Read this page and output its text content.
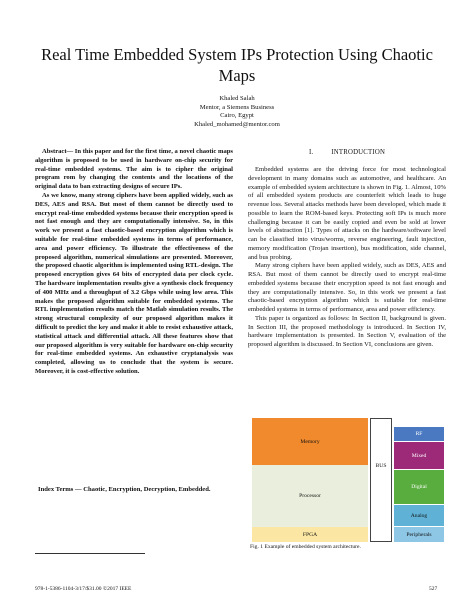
Real Time Embedded System IPs Protection Using Chaotic Maps
Khaled Salah
Mentor, a Siemens Business
Cairo, Egypt
Khaled_mohamed@mentor.com

Abstract— In this paper and for the first time, a novel chaotic maps algorithm is proposed to be used in hardware on-chip security for real-time embedded systems. The aim is to cipher the original program rom by changing the contents and the locations of the original data to ban extracting designs of secure IPs.

As we know, many strong ciphers have been applied widely, such as DES, AES and RSA. But most of them cannot be directly used to encrypt real-time embedded systems because their encryption speed is not fast enough and they are computationally intensive. So, in this work we present a fast chaotic-based encryption algorithm which is suitable for real-time embedded systems in terms of performance, area and power efficiency. To illustrate the effectiveness of the proposed algorithm, numerical simulations are presented. Moreover, the proposed chaotic algorithm is implemented using RTL-design. The proposed encryption gives 64 bits of encrypted data per clock cycle. The hardware implementation results give a synthesis clock frequency of 400 MHz and a throughput of 3.2 Gbps while using low area. This makes the proposed algorithm suitable for embedded systems. The RTL implementation results match the Matlab simulation results. The strong structural complexity of our proposed algorithm makes it difficult to predict the key and make it able to resist exhaustive attack, statistical attack and differential attack. All these features show that our proposed algorithm is very suitable for hardware on-chip security for real-time embedded systems. An exhaustive cryptanalysis was completed, allowing us to conclude that the system is secure. Moreover, it is cost-effective solution.

Index Terms — Chaotic, Encryption, Decryption, Embedded.
I.	INTRODUCTION

Embedded systems are the driving force for most technological development in many domains such as automotive, and healthcare. An example of embedded system architecture is shown in Fig. 1. Almost, 10% of all embedded system products are counterfeit which leads to huge revenue loss. Several attacks methods have been developed, which made it possible to learn the ROM-based keys. Protecting soft IPs is much more challenging because it can be easily copied and even be sold at lower levels of abstraction [1]. Types of attacks on the hardware/software level can be classified into virus/worms, reverse engineering, fault injection, memory modification (Trojan insertion), bus modification, side channel, and bus probing.

Many strong ciphers have been applied widely, such as DES, AES and RSA. But most of them cannot be directly used to encrypt real-time embedded systems because their encryption speed is not fast enough and they are computationally intensive. So, in this work we present a fast chaotic-based encryption algorithm which is suitable for real-time embedded systems in terms of performance, area and power efficiency.

This paper is organized as follows: In Section II, background is given. In Section III, the proposed methodology is introduced. In Section IV, hardware implementation is presented. In Section V, evaluation of the proposed algorithm is discussed. In Section VI, conclusions are given.

Memory
Processor
FPGA
BUS
RF
Mixed
Digital
Analog
Peripherals
Fig. 1 Example of embedded system architecture.
978-1-5386-1104-3/17/$31.00 ©2017 IEEE	527
